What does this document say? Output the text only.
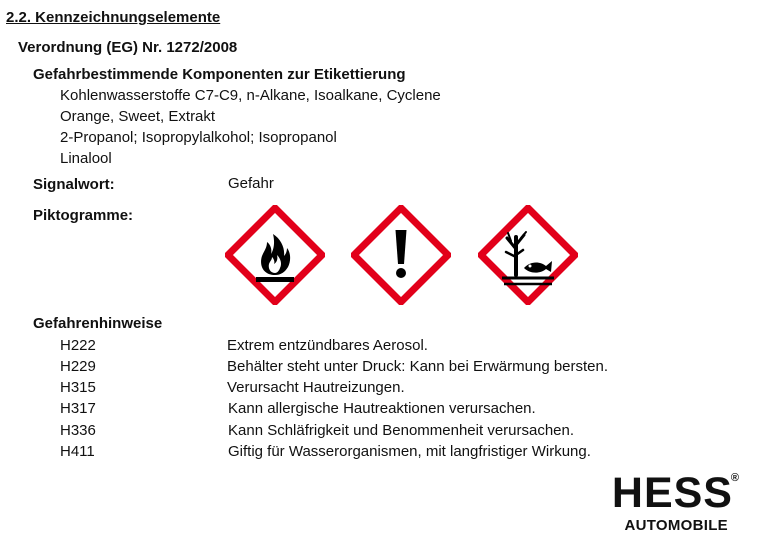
2.2. Kennzeichnungselemente
Verordnung (EG) Nr. 1272/2008
Gefahrbestimmende Komponenten zur Etikettierung
Kohlenwasserstoffe C7-C9, n-Alkane, Isoalkane, Cyclene
Orange, Sweet, Extrakt
2-Propanol; Isopropylalkohol; Isopropanol
Linalool
Signalwort:	Gefahr
Piktogramme:
Gefahrenhinweise
H222	Extrem entzündbares Aerosol.
H229	Behälter steht unter Druck: Kann bei Erwärmung bersten.
H315	Verursacht Hautreizungen.
H317	Kann allergische Hautreaktionen verursachen.
H336	Kann Schläfrigkeit und Benommenheit verursachen.
H411	Giftig für Wasserorganismen, mit langfristiger Wirkung.
HESS
®
AUTOMOBILE
